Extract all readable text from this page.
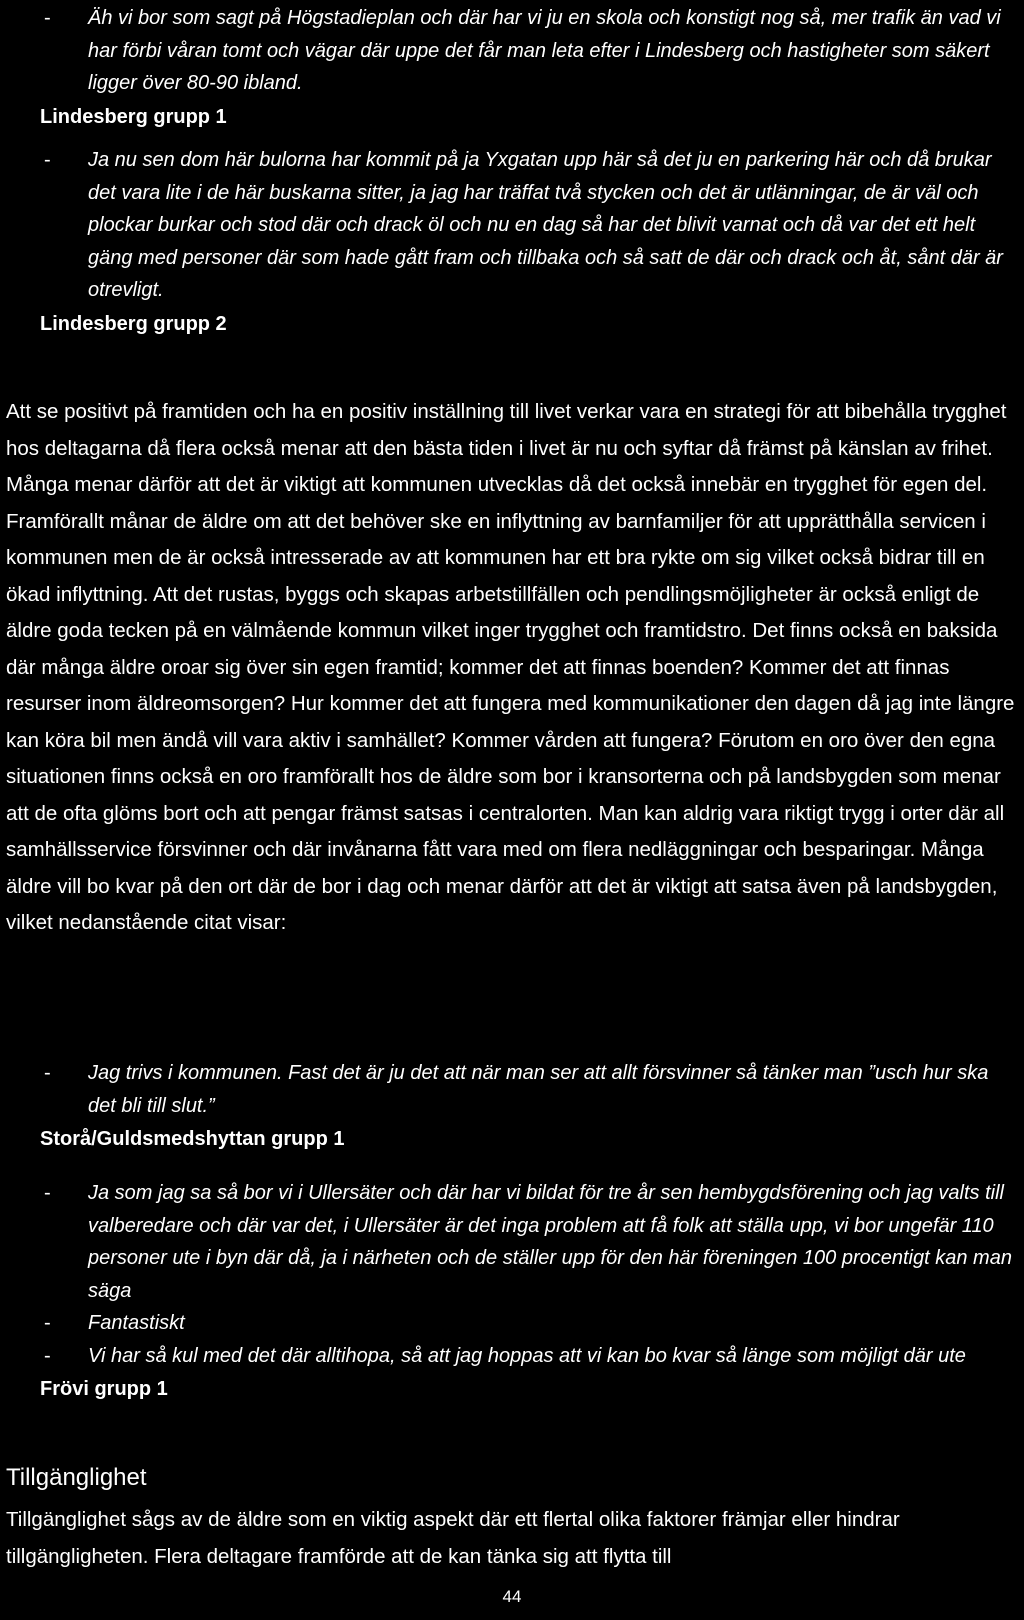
- Äh vi bor som sagt på Högstadieplan och där har vi ju en skola och konstigt nog så, mer trafik än vad vi har förbi våran tomt och vägar där uppe det får man leta efter i Lindesberg och hastigheter som säkert ligger över 80-90 ibland.

Lindesberg grupp 1

- Ja nu sen dom här bulorna har kommit på ja Yxgatan upp här så det ju en parkering här och då brukar det vara lite i de här buskarna sitter, ja jag har träffat två stycken och det är utlänningar, de är väl och plockar burkar och stod där och drack öl och nu en dag så har det blivit varnat och då var det ett helt gäng med personer där som hade gått fram och tillbaka och så satt de där och drack och åt, sånt där är otrevligt.

Lindesberg grupp 2

Att se positivt på framtiden och ha en positiv inställning till livet verkar vara en strategi för att bibehålla trygghet hos deltagarna då flera också menar att den bästa tiden i livet är nu och syftar då främst på känslan av frihet. Många menar därför att det är viktigt att kommunen utvecklas då det också innebär en trygghet för egen del. Framförallt månar de äldre om att det behöver ske en inflyttning av barnfamiljer för att upprätthålla servicen i kommunen men de är också intresserade av att kommunen har ett bra rykte om sig vilket också bidrar till en ökad inflyttning. Att det rustas, byggs och skapas arbetstillfällen och pendlingsmöjligheter är också enligt de äldre goda tecken på en välmående kommun vilket inger trygghet och framtidstro. Det finns också en baksida där många äldre oroar sig över sin egen framtid; kommer det att finnas boenden? Kommer det att finnas resurser inom äldreomsorgen? Hur kommer det att fungera med kommunikationer den dagen då jag inte längre kan köra bil men ändå vill vara aktiv i samhället? Kommer vården att fungera? Förutom en oro över den egna situationen finns också en oro framförallt hos de äldre som bor i kransorterna och på landsbygden som menar att de ofta glöms bort och att pengar främst satsas i centralorten. Man kan aldrig vara riktigt trygg i orter där all samhällsservice försvinner och där invånarna fått vara med om flera nedläggningar och besparingar. Många äldre vill bo kvar på den ort där de bor i dag och menar därför att det är viktigt att satsa även på landsbygden, vilket nedanstående citat visar:

- Jag trivs i kommunen. Fast det är ju det att när man ser att allt försvinner så tänker man ”usch hur ska det bli till slut.”

Storå/Guldsmedshyttan grupp 1

- Ja som jag sa så bor vi i Ullersäter och där har vi bildat för tre år sen hembygdsförening och jag valts till valberedare och där var det, i Ullersäter är det inga problem att få folk att ställa upp, vi bor ungefär 110 personer ute i byn där då, ja i närheten och de ställer upp för den här föreningen 100 procentigt kan man säga

- Fantastiskt

- Vi har så kul med det där alltihopa, så att jag hoppas att vi kan bo kvar så länge som möjligt där ute

Frövi grupp 1

Tillgänglighet

Tillgänglighet sågs av de äldre som en viktig aspekt där ett flertal olika faktorer främjar eller hindrar tillgängligheten. Flera deltagare framförde att de kan tänka sig att flytta till

44
